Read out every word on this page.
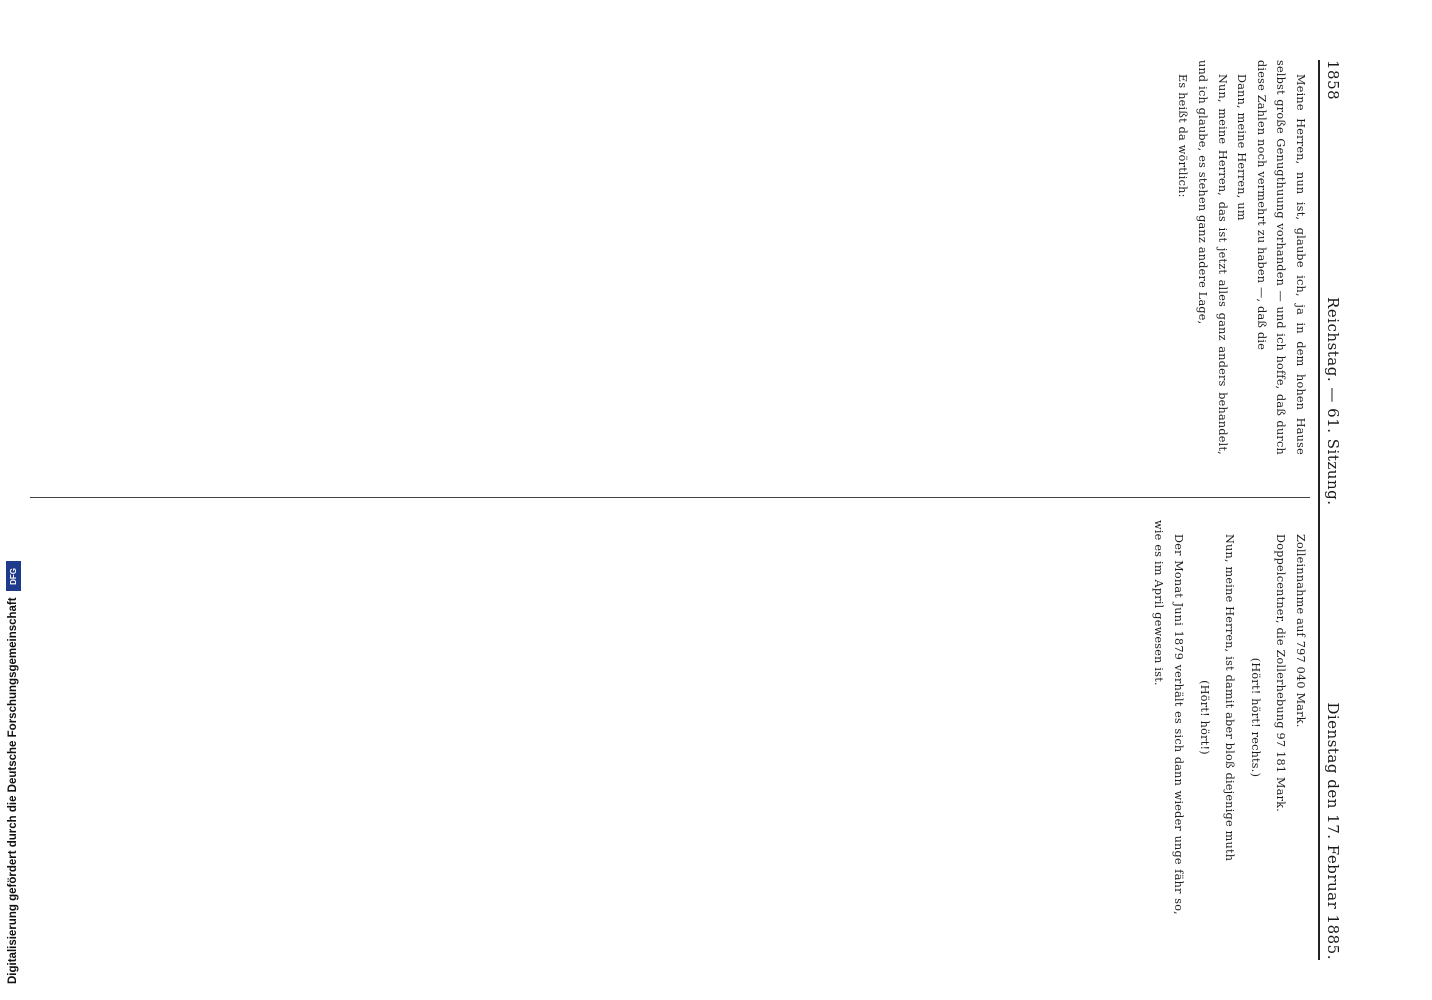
1858
Reichstag. — 61. Sitzung.
Dienstag den 17. Februar 1885.

Meine Herren, nun ist, glaube ich, ja in dem hohen Hause selbst große Genugthuung vorhanden — und ich hoffe, daß durch diese Zahlen noch vermehrt zu haben —, daß die

Dann, meine Herren, um

Nun, meine Herren, das ist jetzt alles ganz anders behandelt, und ich glaube, es stehen ganz andere Lage,

Es heißt da wörtlich:

Zolleinnahme auf 797 040 Mark.

Doppelcentner, die Zollerhebung 97 181 Mark.

(Hört! hört! rechts.)

Nun, meine Herren, ist damit aber bloß diejenige muth

(Hört! hört!)

Der Monat Juni 1879 verhält es sich dann wieder unge fähr so, wie es im April gewesen ist.

Digitalisierung gefördert durch die Deutsche Forschungsgemeinschaft
DFG
